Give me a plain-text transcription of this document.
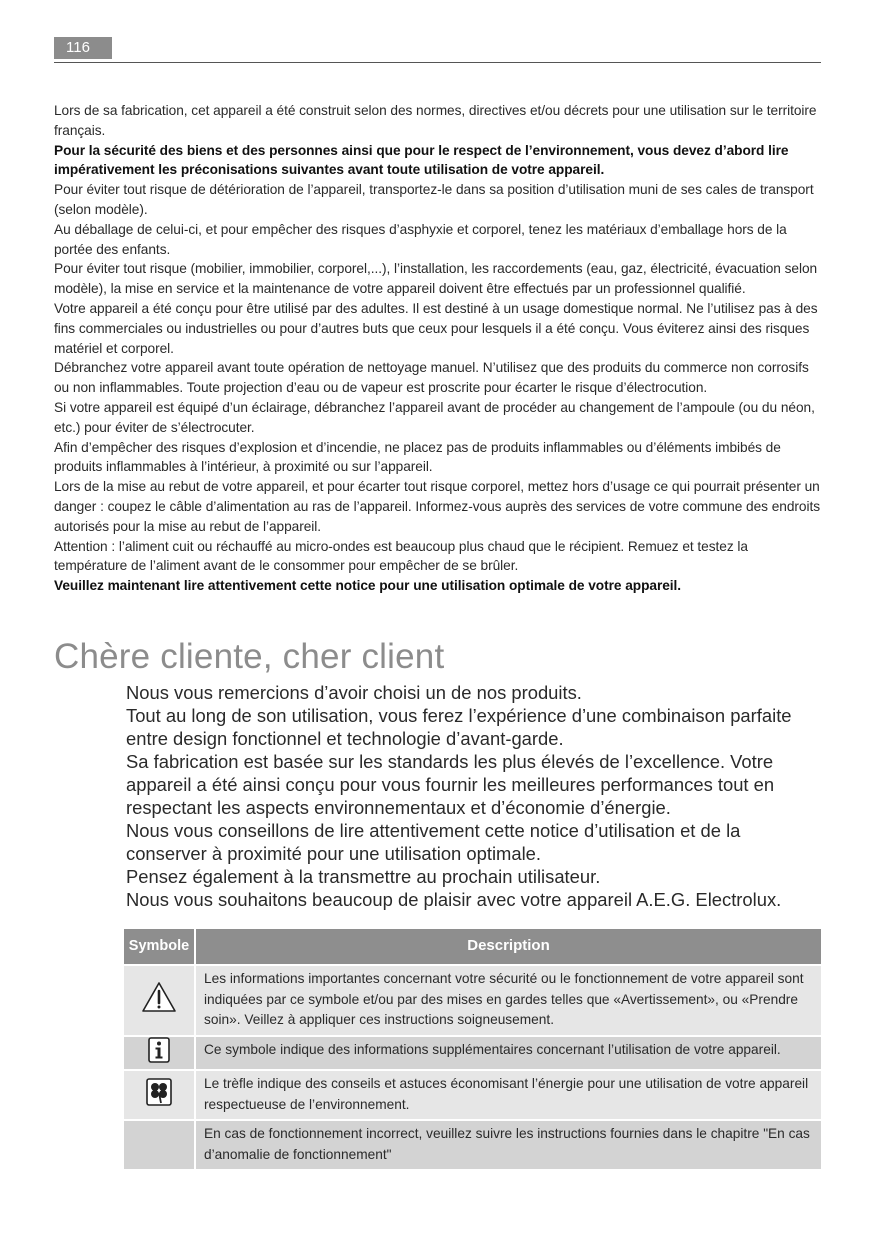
116

Lors de sa fabrication, cet appareil a été construit selon des normes, directives et/ou décrets pour une utilisation sur le territoire français.

Pour la sécurité des biens et des personnes ainsi que pour le respect de l’environnement, vous devez d’abord lire impérativement les préconisations suivantes avant toute utilisation de votre appareil.

Pour éviter tout risque de détérioration de l’appareil, transportez-le dans sa position d’utilisation muni de ses cales de transport (selon modèle).

Au déballage de celui-ci, et pour empêcher des risques d’asphyxie et corporel, tenez les matériaux d’emballage hors de la portée des enfants.

Pour éviter tout risque (mobilier, immobilier, corporel,...), l’installation, les raccordements (eau, gaz, électricité, évacuation selon modèle), la mise en service et la maintenance de votre appareil doivent être effectués par un professionnel qualifié.

Votre appareil a été conçu pour être utilisé par des adultes. Il est destiné à un usage domestique normal. Ne l’utilisez pas à des fins commerciales ou industrielles ou pour d’autres buts que ceux pour lesquels il a été conçu. Vous éviterez ainsi des risques matériel et corporel.

Débranchez votre appareil avant toute opération de nettoyage manuel. N’utilisez que des produits du commerce non corrosifs ou non inflammables. Toute projection d’eau ou de vapeur est proscrite pour écarter le risque d’électrocution.

Si votre appareil est équipé d’un éclairage, débranchez l’appareil avant de procéder au changement de l’ampoule (ou du néon, etc.) pour éviter de s’électrocuter.

Afin d’empêcher des risques d’explosion et d’incendie, ne placez pas de produits inflammables ou d’éléments imbibés de produits inflammables à l’intérieur, à proximité ou sur l’appareil.

Lors de la mise au rebut de votre appareil, et pour écarter tout risque corporel, mettez hors d’usage ce qui pourrait présenter un danger : coupez le câble d’alimentation au ras de l’appareil. Informez-vous auprès des services de votre commune des endroits autorisés pour la mise au rebut de l’appareil.

Attention : l’aliment cuit ou réchauffé au micro-ondes est beaucoup plus chaud que le récipient. Remuez et testez la température de l’aliment avant de le consommer pour empêcher de se brûler.

Veuillez maintenant lire attentivement cette notice pour une utilisation optimale de votre appareil.

Chère cliente, cher client

Nous vous remercions d’avoir choisi un de nos produits.

Tout au long de son utilisation, vous ferez l’expérience d’une combinaison parfaite entre design fonctionnel et technologie d’avant-garde.

Sa fabrication est basée sur les standards les plus élevés de l’excellence. Votre appareil a été ainsi conçu pour vous fournir les meilleures performances tout en respectant les aspects environnementaux et d’économie d’énergie.

Nous vous conseillons de lire attentivement cette notice d’utilisation et de la conserver à proximité pour une utilisation optimale.

Pensez également à la transmettre au prochain utilisateur.

Nous vous souhaitons beaucoup de plaisir avec votre appareil A.E.G. Electrolux.

Symbole	Description
	Les informations importantes concernant votre sécurité ou le fonctionnement de votre appareil sont indiquées par ce symbole et/ou par des mises en gardes telles que «Avertissement», ou «Prendre soin». Veillez à appliquer ces instructions soigneusement.
	Ce symbole indique des informations supplémentaires concernant l’utilisation de votre appareil.
	Le trèfle indique des conseils et astuces économisant l’énergie pour une utilisation de votre appareil respectueuse de l’environnement.
	En cas de fonctionnement incorrect, veuillez suivre les instructions fournies dans le chapitre "En cas d’anomalie de fonctionnement"
